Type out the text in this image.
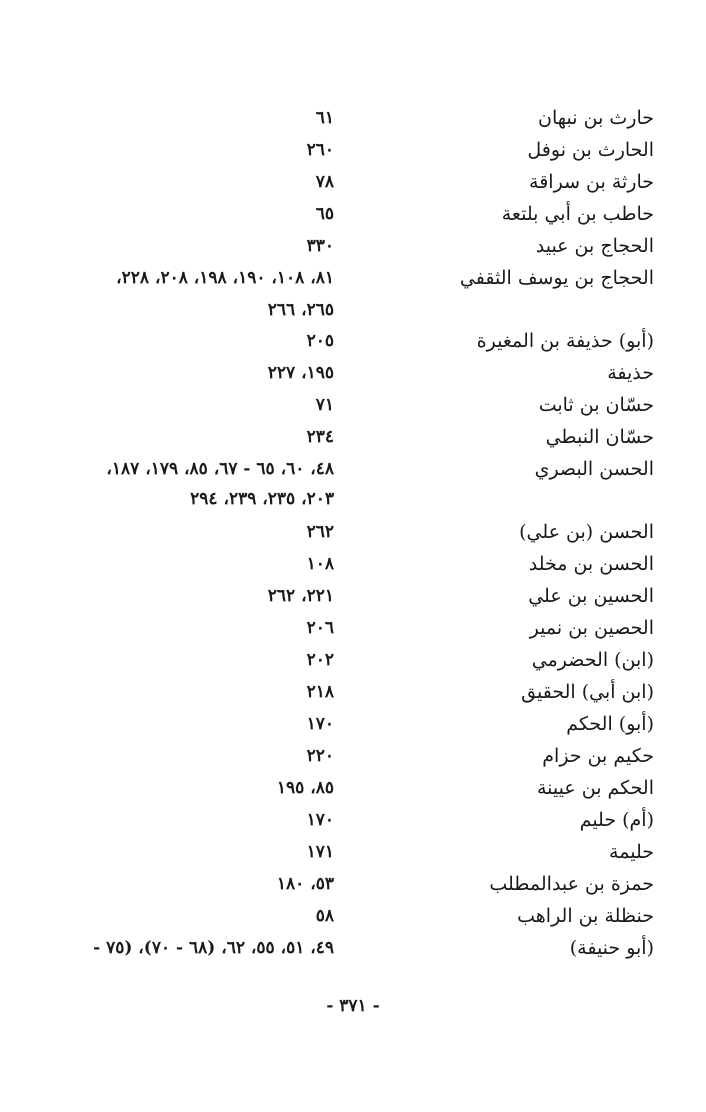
حارث بن نبهان
٦١
الحارث بن نوفل
٢٦٠
حارثة بن سراقة
٧٨
حاطب بن أبي بلتعة
٦٥
الحجاج بن عبيد
٣٣٠
الحجاج بن يوسف الثقفي
٨١، ١٠٨، ١٩٠، ١٩٨، ٢٠٨، ٢٢٨،
٢٦٥، ٢٦٦
(أبو) حذيفة بن المغيرة
٢٠٥
حذيفة
١٩٥، ٢٢٧
حسّان بن ثابت
٧١
حسّان النبطي
٢٣٤
الحسن البصري
٤٨، ٦٠، ٦٥ - ٦٧، ٨٥، ١٧٩، ١٨٧،
٢٠٣، ٢٣٥، ٢٣٩، ٢٩٤
الحسن (بن علي)
٢٦٢
الحسن بن مخلد
١٠٨
الحسين بن علي
٢٢١، ٢٦٢
الحصين بن نمير
٢٠٦
(ابن) الحضرمي
٢٠٢
(ابن أبي) الحقيق
٢١٨
(أبو) الحكم
١٧٠
حكيم بن حزام
٢٢٠
الحكم بن عيينة
٨٥، ١٩٥
(أم) حليم
١٧٠
حليمة
١٧١
حمزة بن عبدالمطلب
٥٣، ١٨٠
حنظلة بن الراهب
٥٨
(أبو حنيفة)
٤٩، ٥١، ٥٥، ٦٢، (٦٨ - ٧٠)، (٧٥ -
- ٣٧١ -
